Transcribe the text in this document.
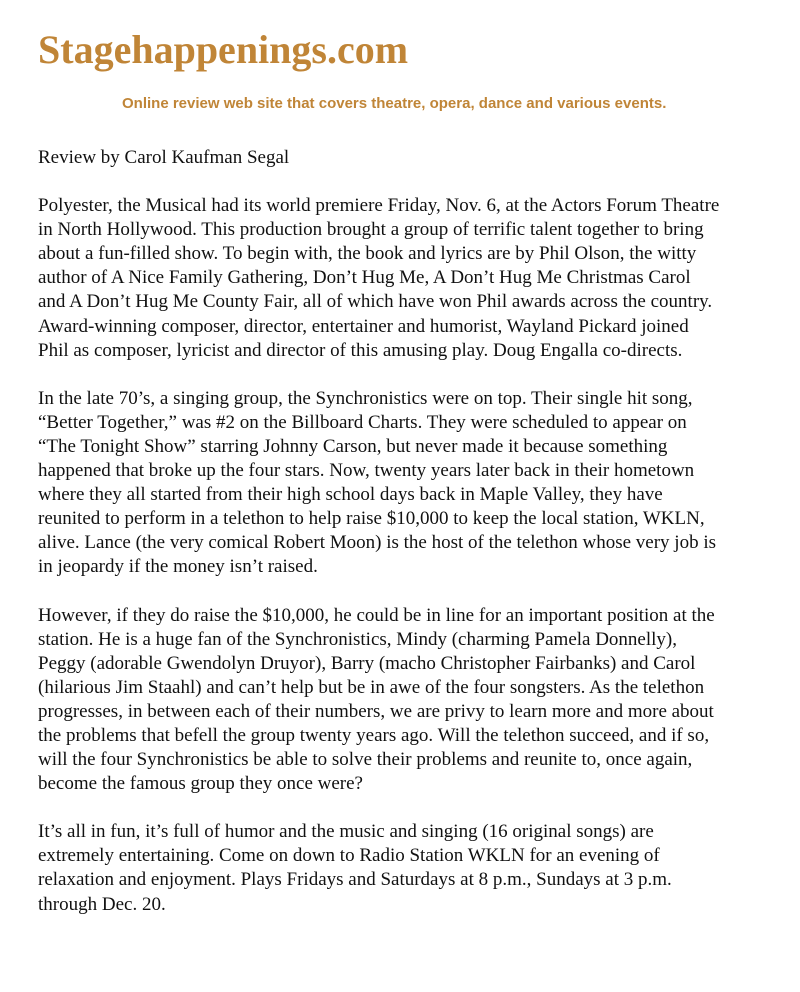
Stagehappenings.com
Online review web site that covers theatre, opera, dance and various events.

Review by Carol Kaufman Segal

Polyester, the Musical had its world premiere Friday, Nov. 6, at the Actors Forum Theatre
in North Hollywood. This production brought a group of terrific talent together to bring
about a fun-filled show. To begin with, the book and lyrics are by Phil Olson, the witty
author of A Nice Family Gathering, Don’t Hug Me, A Don’t Hug Me Christmas Carol
and A Don’t Hug Me County Fair, all of which have won Phil awards across the country.
Award-winning composer, director, entertainer and humorist, Wayland Pickard joined
Phil as composer, lyricist and director of this amusing play. Doug Engalla co-directs.

In the late 70’s, a singing group, the Synchronistics were on top. Their single hit song,
“Better Together,” was #2 on the Billboard Charts. They were scheduled to appear on
“The Tonight Show” starring Johnny Carson, but never made it because something
happened that broke up the four stars. Now, twenty years later back in their hometown
where they all started from their high school days back in Maple Valley, they have
reunited to perform in a telethon to help raise $10,000 to keep the local station, WKLN,
alive. Lance (the very comical Robert Moon) is the host of the telethon whose very job is
in jeopardy if the money isn’t raised.

However, if they do raise the $10,000, he could be in line for an important position at the
station. He is a huge fan of the Synchronistics, Mindy (charming Pamela Donnelly),
Peggy (adorable Gwendolyn Druyor), Barry (macho Christopher Fairbanks) and Carol
(hilarious Jim Staahl) and can’t help but be in awe of the four songsters. As the telethon
progresses, in between each of their numbers, we are privy to learn more and more about
the problems that befell the group twenty years ago. Will the telethon succeed, and if so,
will the four Synchronistics be able to solve their problems and reunite to, once again,
become the famous group they once were?

It’s all in fun, it’s full of humor and the music and singing (16 original songs) are
extremely entertaining. Come on down to Radio Station WKLN for an evening of
relaxation and enjoyment. Plays Fridays and Saturdays at 8 p.m., Sundays at 3 p.m.
through Dec. 20.
